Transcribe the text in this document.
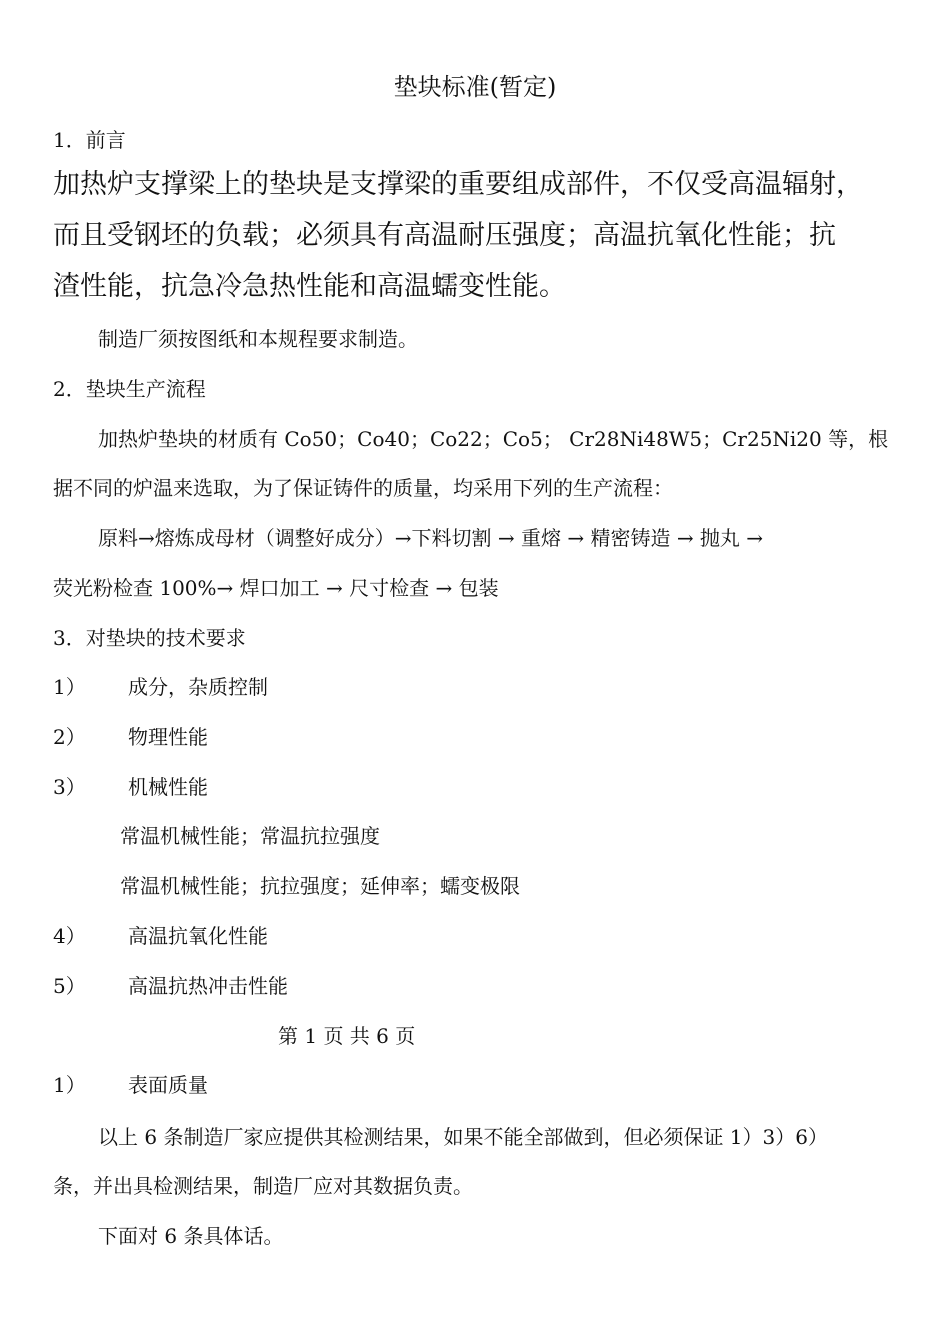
垫块标准(暂定)
1．前言
加热炉支撑梁上的垫块是支撑梁的重要组成部件，不仅受高温辐射，
而且受钢坯的负载；必须具有高温耐压强度；高温抗氧化性能；抗
渣性能，抗急冷急热性能和高温蠕变性能。
制造厂须按图纸和本规程要求制造。
2．垫块生产流程
加热炉垫块的材质有 Co50；Co40；Co22；Co5； Cr28Ni48W5；Cr25Ni20 等，根
据不同的炉温来选取，为了保证铸件的质量，均采用下列的生产流程：
原料→熔炼成母材（调整好成分）→下料切割 → 重熔 → 精密铸造 → 抛丸 →
荧光粉检查 100%→ 焊口加工 → 尺寸检查 → 包装
3．对垫块的技术要求
1） 成分，杂质控制
2） 物理性能
3） 机械性能
常温机械性能；常温抗拉强度
常温机械性能；抗拉强度；延伸率；蠕变极限
4） 高温抗氧化性能
5） 高温抗热冲击性能
第 1 页 共 6 页
1） 表面质量
以上 6 条制造厂家应提供其检测结果，如果不能全部做到，但必须保证 1）3）6）
条，并出具检测结果，制造厂应对其数据负责。
下面对 6 条具体话。
